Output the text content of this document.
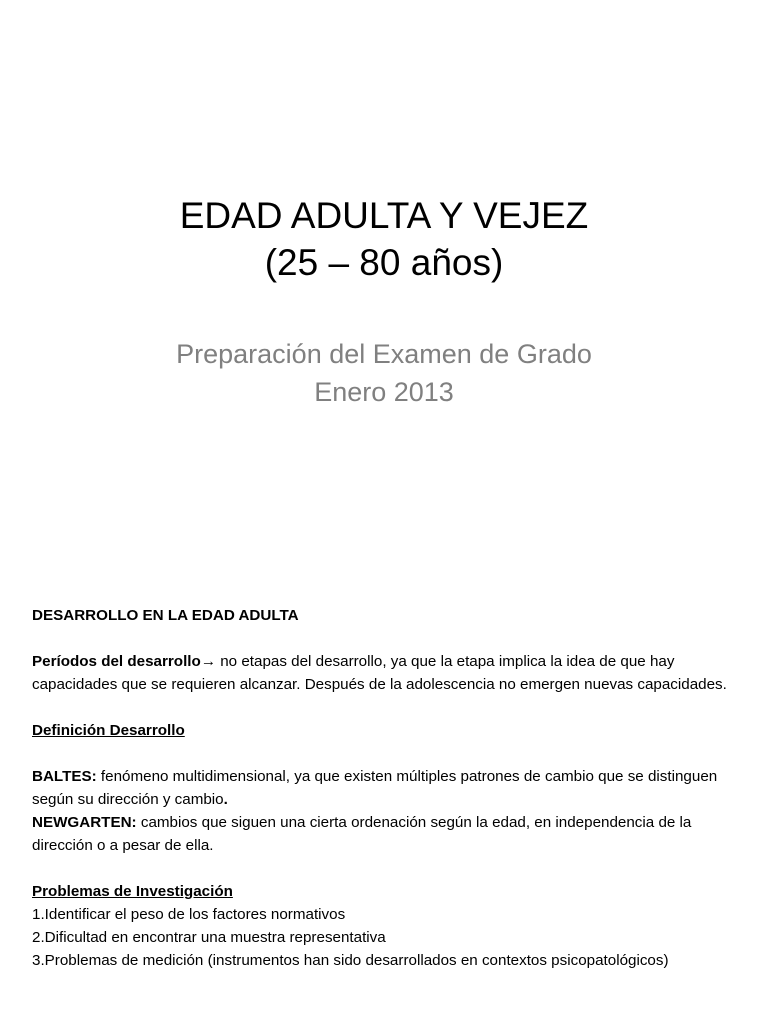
EDAD ADULTA Y VEJEZ
(25 – 80 años)
Preparación del Examen de Grado
Enero 2013

DESARROLLO EN LA EDAD ADULTA

Períodos del desarrollo→ no etapas del desarrollo, ya que la etapa implica la idea de que hay capacidades que se requieren alcanzar. Después de la adolescencia no emergen nuevas capacidades.

Definición Desarrollo

BALTES: fenómeno multidimensional, ya que existen múltiples patrones de cambio que se distinguen según su dirección y cambio.

NEWGARTEN: cambios que siguen una cierta ordenación según la edad, en independencia de la dirección o a pesar de ella.

Problemas de Investigación

1.Identificar el peso de los factores normativos

2.Dificultad en encontrar una muestra representativa

3.Problemas de medición (instrumentos han sido desarrollados en contextos psicopatológicos)
